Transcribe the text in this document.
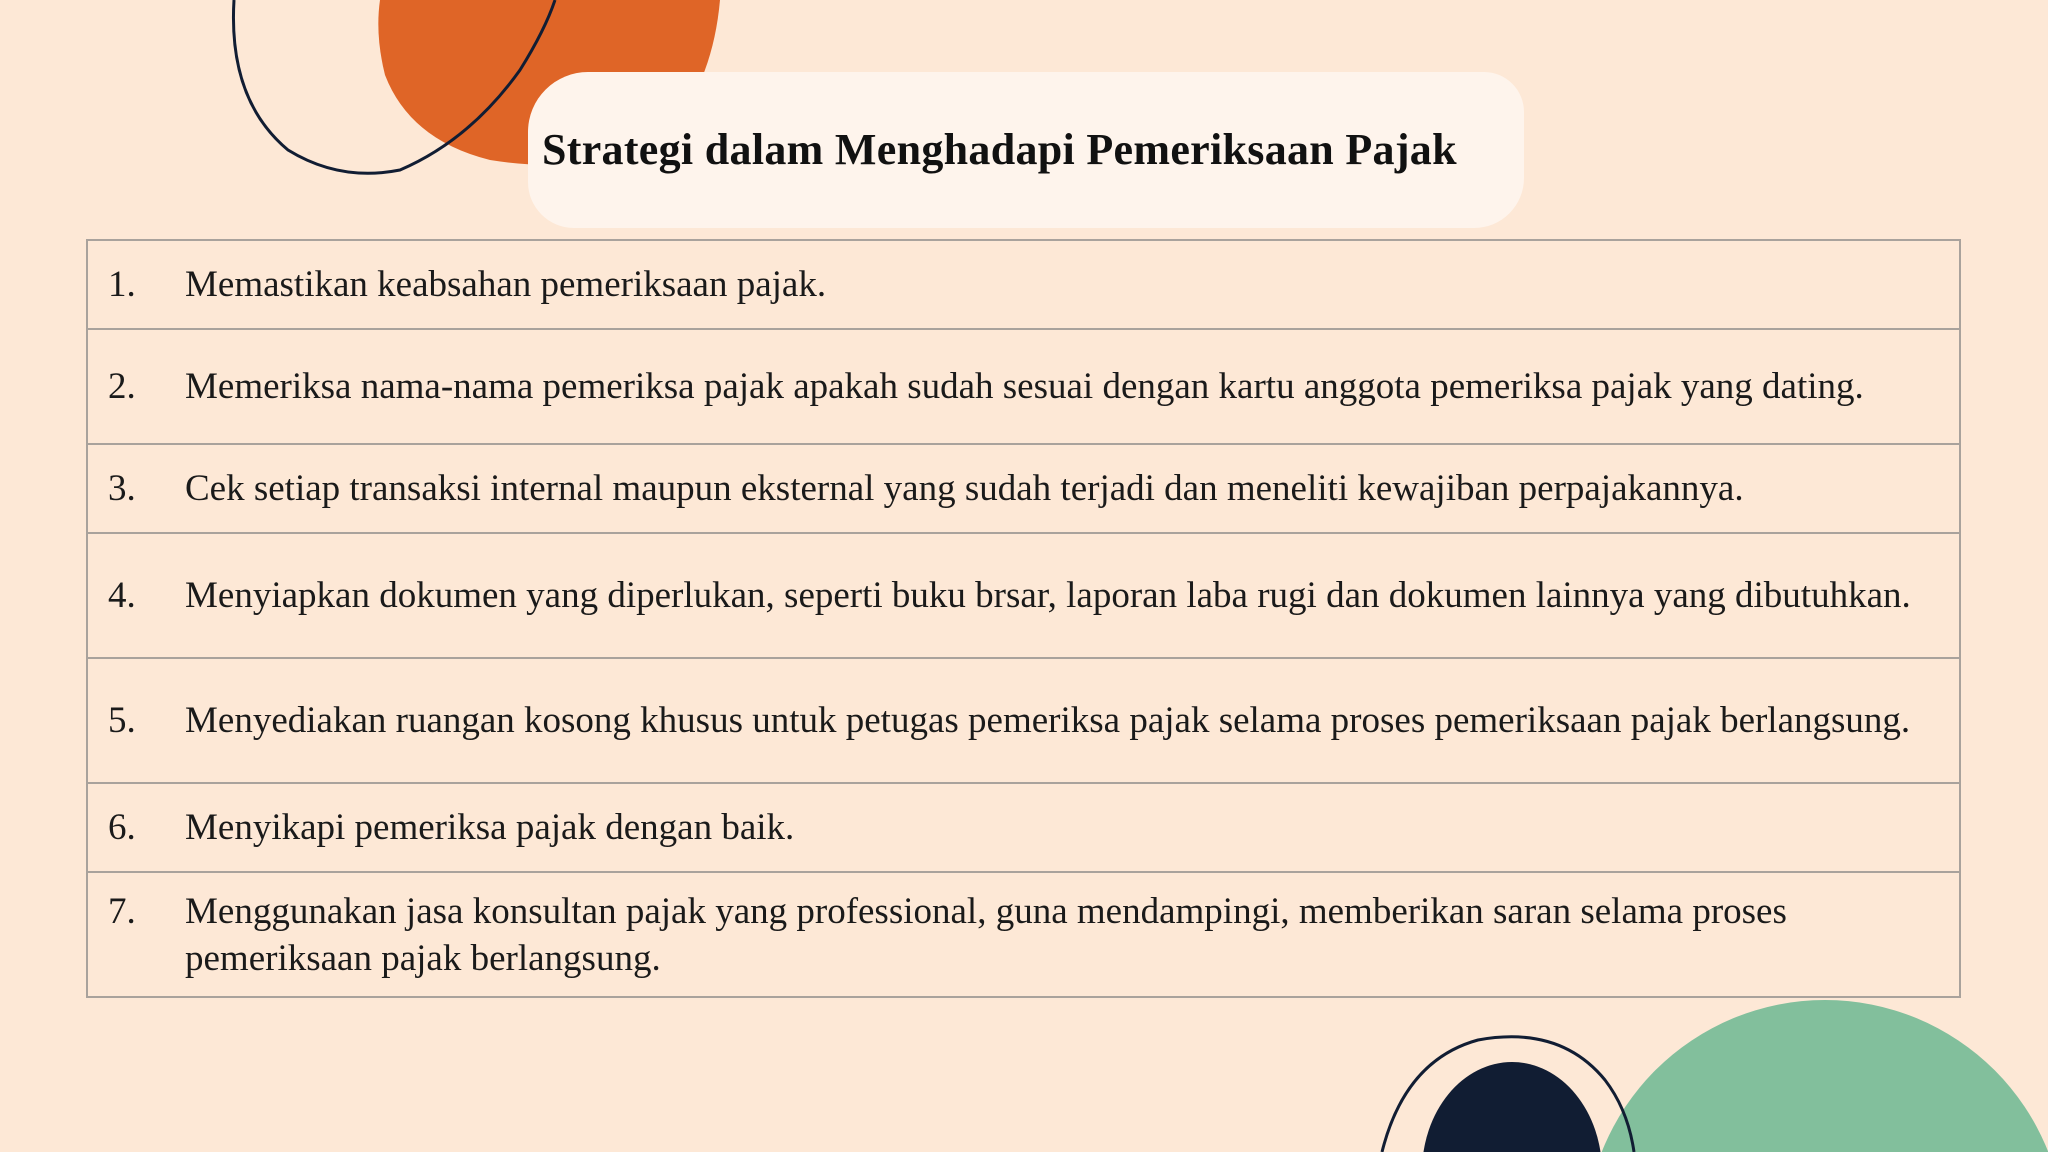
Strategi dalam Menghadapi Pemeriksaan Pajak
1.	Memastikan keabsahan pemeriksaan pajak.

2.	Memeriksa nama-nama pemeriksa pajak apakah sudah sesuai dengan kartu anggota pemeriksa pajak yang dating.

3.	Cek setiap transaksi internal maupun eksternal yang sudah terjadi dan meneliti kewajiban perpajakannya.

4.	Menyiapkan dokumen yang diperlukan, seperti buku brsar, laporan laba rugi dan dokumen lainnya yang dibutuhkan.

5.	Menyediakan ruangan kosong khusus untuk petugas pemeriksa pajak selama proses pemeriksaan pajak berlangsung.

6.	Menyikapi pemeriksa pajak dengan baik.

7.	Menggunakan jasa konsultan pajak yang professional, guna mendampingi, memberikan saran selama proses pemeriksaan pajak berlangsung.
